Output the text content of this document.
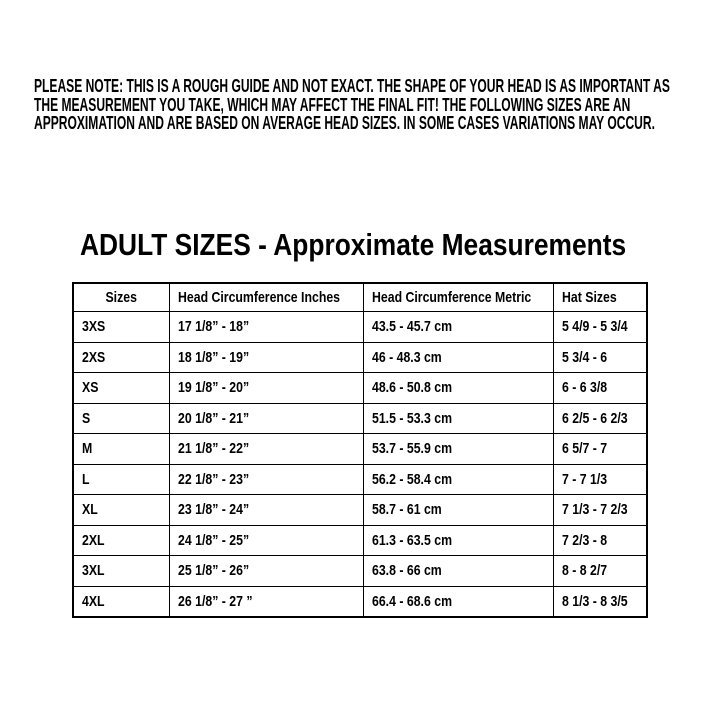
PLEASE NOTE: THIS IS A ROUGH GUIDE AND NOT EXACT. THE SHAPE OF YOUR HEAD IS AS IMPORTANT AS THE MEASUREMENT YOU TAKE, WHICH MAY AFFECT THE FINAL FIT! THE FOLLOWING SIZES ARE AN APPROXIMATION AND ARE BASED ON AVERAGE HEAD SIZES. IN SOME CASES VARIATIONS MAY OCCUR.

ADULT SIZES - Approximate Measurements
Sizes	Head Circumference Inches	Head Circumference Metric	Hat Sizes
3XS	17 1/8” - 18”	43.5 - 45.7 cm	5 4/9 - 5 3/4
2XS	18 1/8” - 19”	46 - 48.3 cm	5 3/4 - 6
XS	19 1/8” - 20”	48.6 - 50.8 cm	6 - 6 3/8
S	20 1/8” - 21”	51.5 - 53.3 cm	6 2/5 - 6 2/3
M	21 1/8” - 22”	53.7 - 55.9 cm	6 5/7 - 7
L	22 1/8” - 23”	56.2 - 58.4 cm	7 - 7 1/3
XL	23 1/8” - 24”	58.7 - 61 cm	7 1/3 - 7 2/3
2XL	24 1/8” - 25”	61.3 - 63.5 cm	7 2/3 - 8
3XL	25 1/8” - 26”	63.8 - 66 cm	8 - 8 2/7
4XL	26 1/8” - 27 ”	66.4 - 68.6 cm	8 1/3 - 8 3/5
